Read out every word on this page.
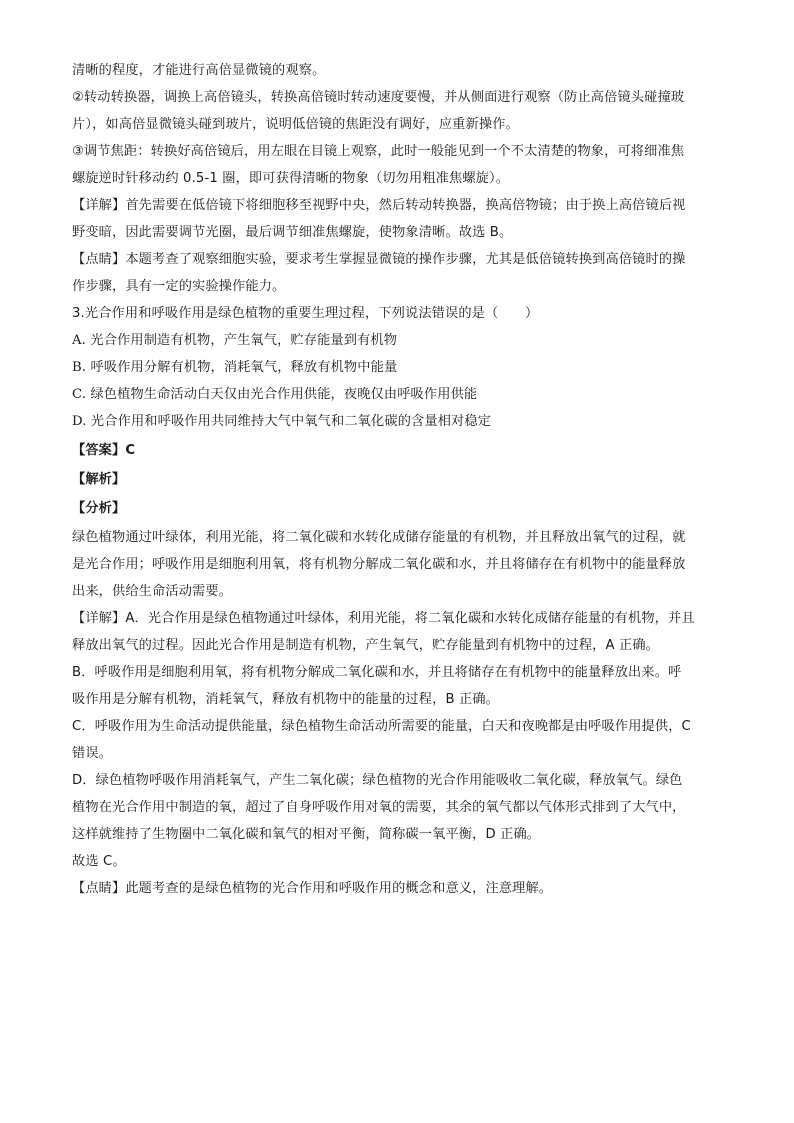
清晰的程度，才能进行高倍显微镜的观察。

②转动转换器，调换上高倍镜头，转换高倍镜时转动速度要慢，并从侧面进行观察（防止高倍镜头碰撞玻

片），如高倍显微镜头碰到玻片，说明低倍镜的焦距没有调好，应重新操作。

③调节焦距：转换好高倍镜后，用左眼在目镜上观察，此时一般能见到一个不太清楚的物象，可将细准焦

螺旋逆时针移动约 0.5-1 圈，即可获得清晰的物象（切勿用粗准焦螺旋）。

【详解】首先需要在低倍镜下将细胞移至视野中央，然后转动转换器，换高倍物镜；由于换上高倍镜后视

野变暗，因此需要调节光圈，最后调节细准焦螺旋，使物象清晰。故选 B。

【点睛】本题考查了观察细胞实验，要求考生掌握显微镜的操作步骤，尤其是低倍镜转换到高倍镜时的操

作步骤，具有一定的实验操作能力。

3.光合作用和呼吸作用是绿色植物的重要生理过程，下列说法错误的是（　　）

A. 光合作用制造有机物，产生氧气，贮存能量到有机物

B. 呼吸作用分解有机物，消耗氧气，释放有机物中能量

C. 绿色植物生命活动白天仅由光合作用供能，夜晚仅由呼吸作用供能

D. 光合作用和呼吸作用共同维持大气中氧气和二氧化碳的含量相对稳定

【答案】C

【解析】

【分析】

绿色植物通过叶绿体，利用光能，将二氧化碳和水转化成储存能量的有机物，并且释放出氧气的过程，就

是光合作用；呼吸作用是细胞利用氧，将有机物分解成二氧化碳和水，并且将储存在有机物中的能量释放

出来，供给生命活动需要。

【详解】A．光合作用是绿色植物通过叶绿体，利用光能，将二氧化碳和水转化成储存能量的有机物，并且

释放出氧气的过程。因此光合作用是制造有机物，产生氧气，贮存能量到有机物中的过程，A 正确。

B．呼吸作用是细胞利用氧，将有机物分解成二氧化碳和水，并且将储存在有机物中的能量释放出来。呼

吸作用是分解有机物，消耗氧气，释放有机物中的能量的过程，B 正确。

C．呼吸作用为生命活动提供能量，绿色植物生命活动所需要的能量，白天和夜晚都是由呼吸作用提供，C

错误。

D．绿色植物呼吸作用消耗氧气，产生二氧化碳；绿色植物的光合作用能吸收二氧化碳，释放氧气。绿色

植物在光合作用中制造的氧，超过了自身呼吸作用对氧的需要，其余的氧气都以气体形式排到了大气中，

这样就维持了生物圈中二氧化碳和氧气的相对平衡，简称碳一氧平衡，D 正确。

故选 C。

【点睛】此题考查的是绿色植物的光合作用和呼吸作用的概念和意义，注意理解。
